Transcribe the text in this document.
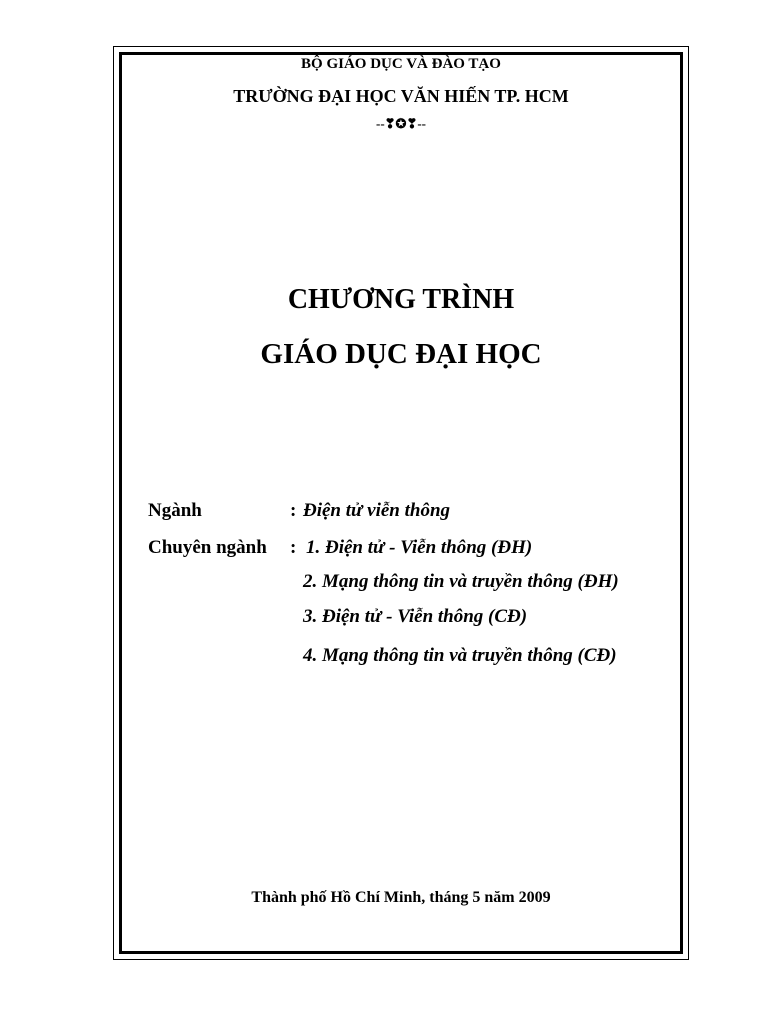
BỘ GIÁO DỤC VÀ ĐÀO TẠO
TRƯỜNG ĐẠI HỌC VĂN HIẾN TP. HCM
--❣✪❣--
CHƯƠNG TRÌNH
GIÁO DỤC ĐẠI HỌC
Ngành	: Điện tử viễn thông
Chuyên ngành : 1. Điện tử - Viễn thông (ĐH)
2. Mạng thông tin và truyền thông (ĐH)
3. Điện tử - Viễn thông (CĐ)
4. Mạng thông tin và truyền thông (CĐ)
Thành phố Hồ Chí Minh, tháng 5 năm 2009
